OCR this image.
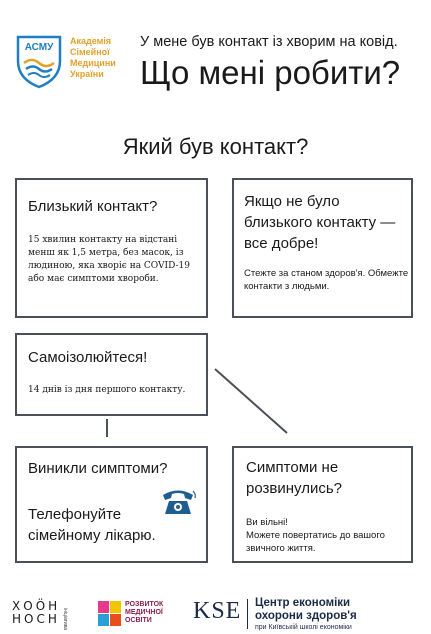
АСМУ
Академія
Сімейної
Медицини
України
У мене був контакт із хворим на ковід.
Що мені робити?
Який був контакт?
Близький контакт?
15 хвилин контакту на відстані менш як 1,5 метра, без масок, із людиною, яка хворіє на COVID-19 або має симптоми хвороби.
Якщо не було
близького контакту —
все добре!
Стежте за станом здоров'я. Обмежте контакти з людьми.
Самоізолюйтеся!
14 днів із дня першого контакту.
Виникли симптоми?
Телефонуйте
сімейному лікарю.
Симптоми не
розвинулись?
Ви вільні!
Можете повертатись до вашого
звичного життя.
ХОӦН
НОСН ініціатива
РОЗВИТОК
МЕДИЧНОЇ
ОСВІТИ	KSE Центр економіки
охорони здоров'я
при Київській школі економіки
